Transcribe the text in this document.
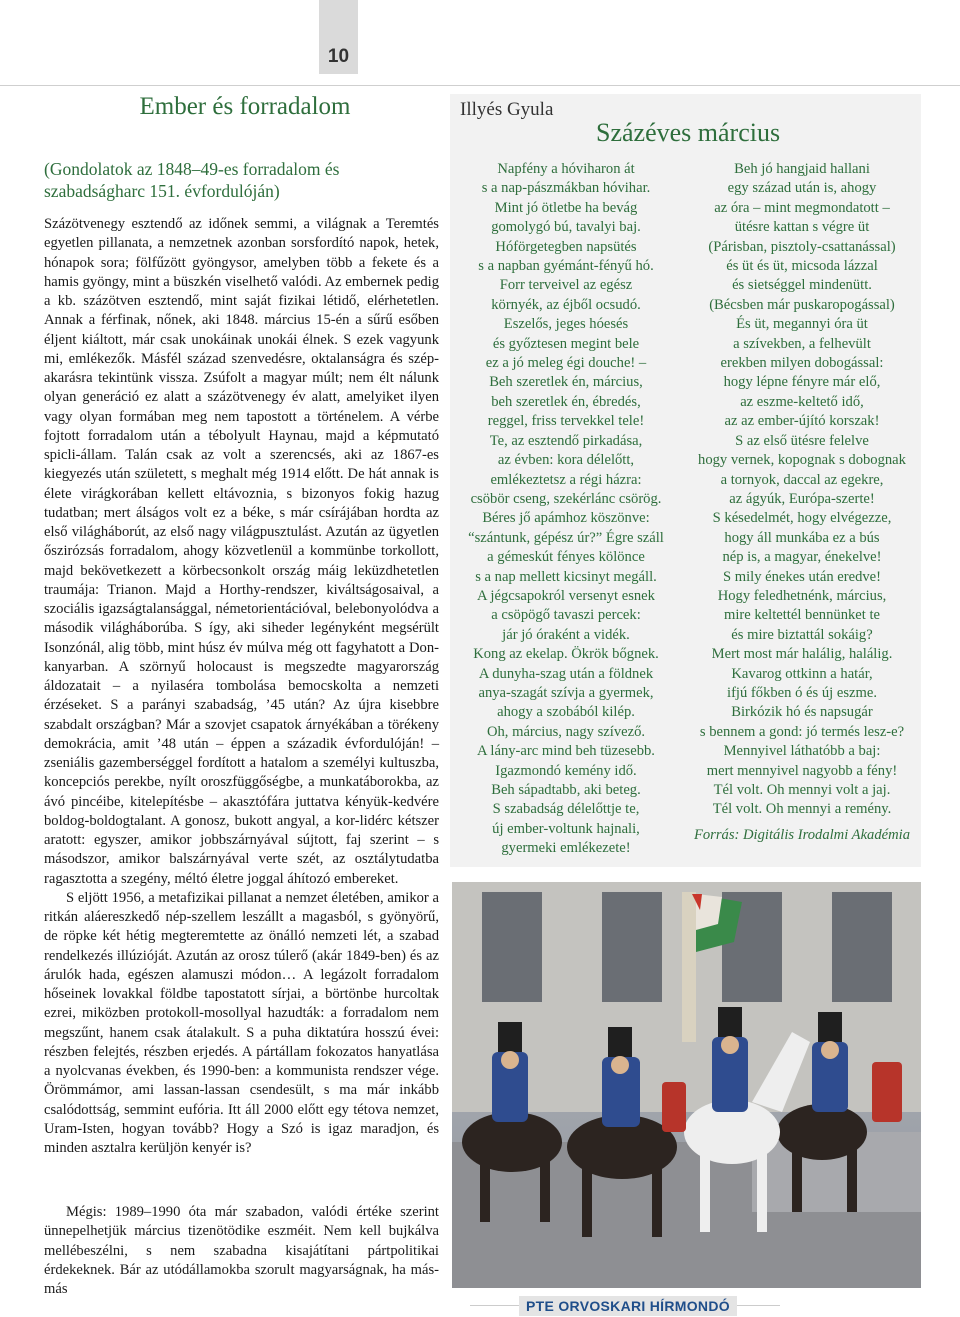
10
Ember és forradalom
(Gondolatok az 1848–49-es forradalom és szabadságharc 151. évfordulóján)

Százötvenegy esztendő az időnek semmi, a világnak a Teremtés egyetlen pillanata, a nemzetnek azonban sorsfordító napok, hetek, hónapok sora; fölfűzött gyöngysor, amelyben több a fekete és a hamis gyöngy, mint a büszkén viselhető valódi. Az embernek pedig a kb. százötven esztendő, mint saját fizikai létidő, elérhetetlen. Annak a férfinak, nőnek, aki 1848. március 15-én a sűrű esőben éljent kiáltott, már csak unokáinak unokái élnek. S ezek vagyunk mi, emlékezők. Másfél század szenvedésre, oktalanságra és szép-akarásra tekintünk vissza. Zsúfolt a magyar múlt; nem élt nálunk olyan generáció ez alatt a százötvenegy év alatt, amelyiket ilyen vagy olyan formában meg nem tapostott a történelem. A vérbe fojtott forradalom után a tébolyult Haynau, majd a képmutató spicli-állam. Talán csak az volt a szerencsés, aki az 1867-es kiegyezés után született, s meghalt még 1914 előtt. De hát annak is élete virágkorában kellett eltávoznia, s bizonyos fokig hazug tudatban; mert álságos volt ez a béke, s már csírájában hordta az első világháborút, az első nagy világpusztulást. Azután az ügyetlen őszirózsás forradalom, ahogy közvetlenül a kommünbe torkollott, majd bekövetkezett a körbecsonkolt ország máig leküzdhetetlen traumája: Trianon. Majd a Horthy-rendszer, kiváltságosaival, a szociális igazságtalansággal, németorientációval, belebonyolódva a második világháborúba. S így, aki siheder legényként megsérült Isonzónál, alig több, mint húsz év múlva még ott fagyhatott a Don-kanyarban. A szörnyű holocaust is megszedte magyarország áldozatait – a nyilaséra tombolása bemocskolta a nemzeti érzéseket. S a parányi szabadság, ’45 után? Az újra kisebbre szabdalt országban? Már a szovjet csapatok árnyékában a törékeny demokrácia, amit ’48 után – éppen a századik évfordulóján! – zseniális gazemberséggel fordított a hatalom a személyi kultuszba, koncepciós perekbe, nyílt oroszfüggőségbe, a munkatáborokba, az ávó pincéibe, kitelepítésbe – akasztófára juttatva kényük-kedvére boldog-boldogtalant. A gonosz, bukott angyal, a kor-lidérc kétszer aratott: egyszer, amikor jobbszárnyával sújtott, faj szerint – s másodszor, amikor balszárnyával verte szét, az osztálytudatba ragasztotta a szegény, méltó életre joggal áhítozó embereket.

S eljött 1956, a metafizikai pillanat a nemzet életében, amikor a ritkán aláereszkedő nép-szellem leszállt a magasból, s gyönyörű, de röpke két hétig megteremtette az önálló nemzeti lét, a szabad rendelkezés illúzióját. Azután az orosz túlerő (akár 1849-ben) és az árulók hada, egészen alamuszi módon… A legázolt forradalom hőseinek lovakkal földbe tapostatott sírjai, a börtönbe hurcoltak ezrei, miközben protokoll-mosollyal hazudták: a forradalom nem megszűnt, hanem csak átalakult. S a puha diktatúra hosszú évei: részben felejtés, részben erjedés. A pártállam fokozatos hanyatlása a nyolcvanas években, és 1990-ben: a kommunista rendszer vége. Örömmámor, ami lassan-lassan csendesült, s ma már inkább csalódottság, semmint eufória. Itt áll 2000 előtt egy tétova nemzet, Uram-Isten, hogyan tovább? Hogy a Szó is igaz maradjon, és minden asztalra kerüljön kenyér is?

Mégis: 1989–1990 óta már szabadon, valódi értéke szerint ünnepelhetjük március tizenötödike eszméit. Nem kell bujkálva mellébeszélni, s nem szabadna kisajátítani pártpolitikai érdekeknek. Bár az utódállamokba szorult magyarságnak, ha más-más
Illyés Gyula
Százéves március
Napfény a hóviharon át
s a nap-pászmákban hóvihar.
Mint jó ötletbe ha bevág
gomolygó bú, tavalyi baj.
Hóförgetegben napsütés
s a napban gyémánt-fényű hó.
Forr terveivel az egész
környék, az éjből ocsudó.
Eszelős, jeges hóesés
és győztesen megint bele
ez a jó meleg égi douche! –
Beh szeretlek én, március,
beh szeretlek én, ébredés,
reggel, friss tervekkel tele!
Te, az esztendő pirkadása,
az évben: kora délelőtt,
emlékeztetsz a régi házra:
csöbör cseng, szekérlánc csörög.
Béres jő apámhoz köszönve:
“szántunk, gépész úr?” Égre száll
a gémeskút fényes kölönce
s a nap mellett kicsinyt megáll.
A jégcsapokról versenyt esnek
a csöpögő tavaszi percek:
jár jó óraként a vidék.
Kong az ekelap. Ökrök bőgnek.
A dunyha-szag után a földnek
anya-szagát szívja a gyermek,
ahogy a szobából kilép.
Oh, március, nagy szívező.
A lány-arc mind beh tüzesebb.
Igazmondó kemény idő.
Beh sápadtabb, aki beteg.
S szabadság délelőttje te,
új ember-voltunk hajnali,
gyermeki emlékezete!
Beh jó hangjaid hallani
egy század után is, ahogy
az óra – mint megmondatott –
ütésre kattan s végre üt
(Párisban, pisztoly-csattanással)
és üt és üt, micsoda lázzal
és sietséggel mindenütt.
(Bécsben már puskaropogással)
És üt, megannyi óra üt
a szívekben, a felhevült
erekben milyen dobogással:
hogy lépne fényre már elő,
az eszme-keltető idő,
az az ember-újító korszak!
S az első ütésre felelve
hogy vernek, kopognak s dobognak
a tornyok, daccal az egekre,
az ágyúk, Európa-szerte!
S késedelmét, hogy elvégezze,
hogy áll munkába ez a bús
nép is, a magyar, énekelve!
S mily énekes után eredve!
Hogy feledhetnénk, március,
mire keltettél bennünket te
és mire biztattál sokáig?
Mert most már halálig, halálig.
Kavarog ottkinn a határ,
ifjú főkben ó és új eszme.
Birkózik hó és napsugár
s bennem a gond: jó termés lesz-e?
Mennyivel láthatóbb a baj:
mert mennyivel nagyobb a fény!
Tél volt. Oh mennyi volt a jaj.
Tél volt. Oh mennyi a remény.
Forrás: Digitális Irodalmi Akadémia
PTE ORVOSKARI HÍRMONDÓ
